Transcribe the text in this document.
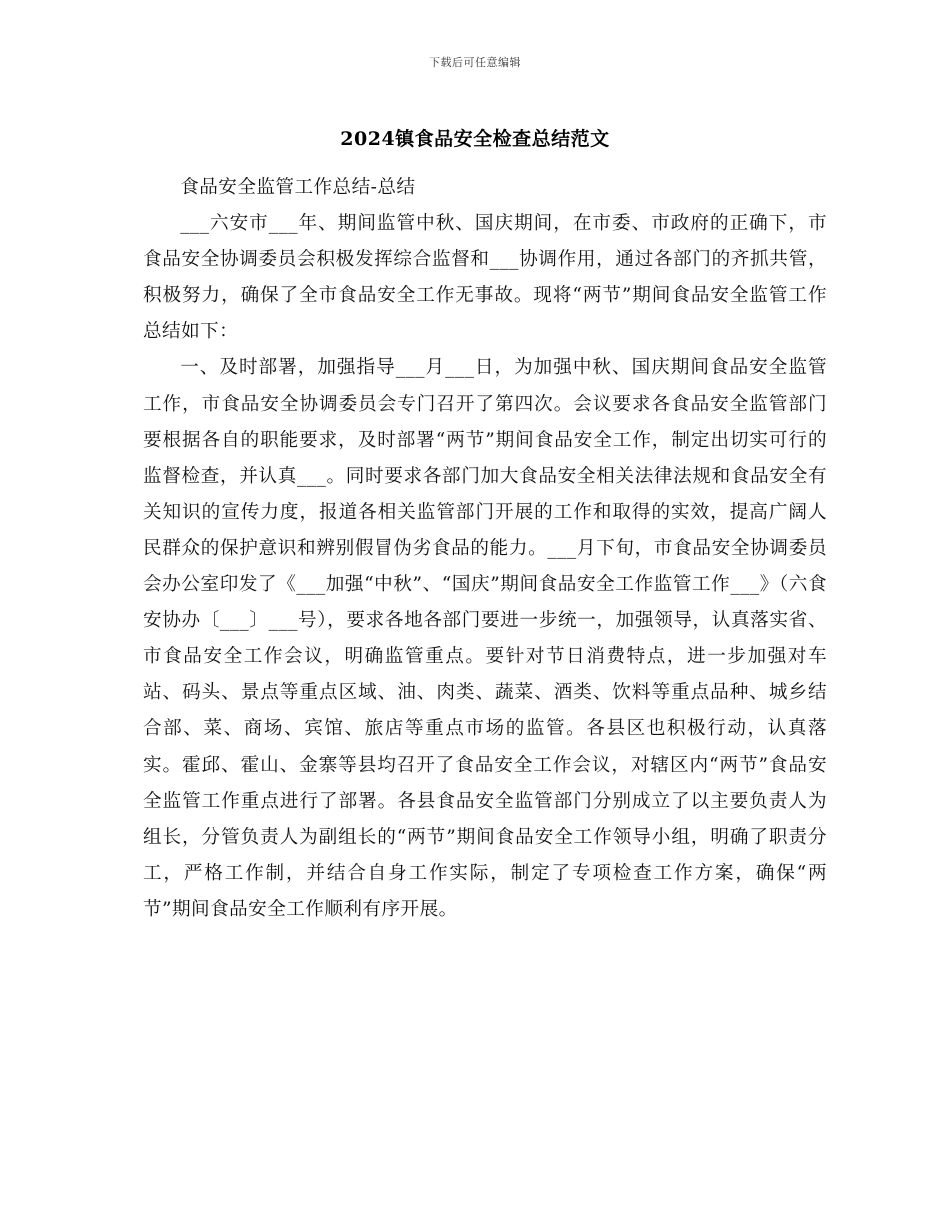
下载后可任意编辑
2024镇食品安全检查总结范文

食品安全监管工作总结-总结

___六安市___年、期间监管中秋、国庆期间，在市委、市政府的正确下，市食品安全协调委员会积极发挥综合监督和___协调作用，通过各部门的齐抓共管，积极努力，确保了全市食品安全工作无事故。现将“两节”期间食品安全监管工作总结如下：

一、及时部署，加强指导___月___日，为加强中秋、国庆期间食品安全监管工作，市食品安全协调委员会专门召开了第四次。会议要求各食品安全监管部门要根据各自的职能要求，及时部署“两节”期间食品安全工作，制定出切实可行的监督检查，并认真___。同时要求各部门加大食品安全相关法律法规和食品安全有关知识的宣传力度，报道各相关监管部门开展的工作和取得的实效，提高广阔人民群众的保护意识和辨别假冒伪劣食品的能力。___月下旬，市食品安全协调委员会办公室印发了《___加强“中秋”、“国庆”期间食品安全工作监管工作___》（六食安协办〔___〕___号），要求各地各部门要进一步统一，加强领导，认真落实省、市食品安全工作会议，明确监管重点。要针对节日消费特点，进一步加强对车站、码头、景点等重点区域、油、肉类、蔬菜、酒类、饮料等重点品种、城乡结合部、菜、商场、宾馆、旅店等重点市场的监管。各县区也积极行动，认真落实。霍邱、霍山、金寨等县均召开了食品安全工作会议，对辖区内“两节”食品安全监管工作重点进行了部署。各县食品安全监管部门分别成立了以主要负责人为组长，分管负责人为副组长的“两节”期间食品安全工作领导小组，明确了职责分工，严格工作制，并结合自身工作实际，制定了专项检查工作方案，确保“两节”期间食品安全工作顺利有序开展。
